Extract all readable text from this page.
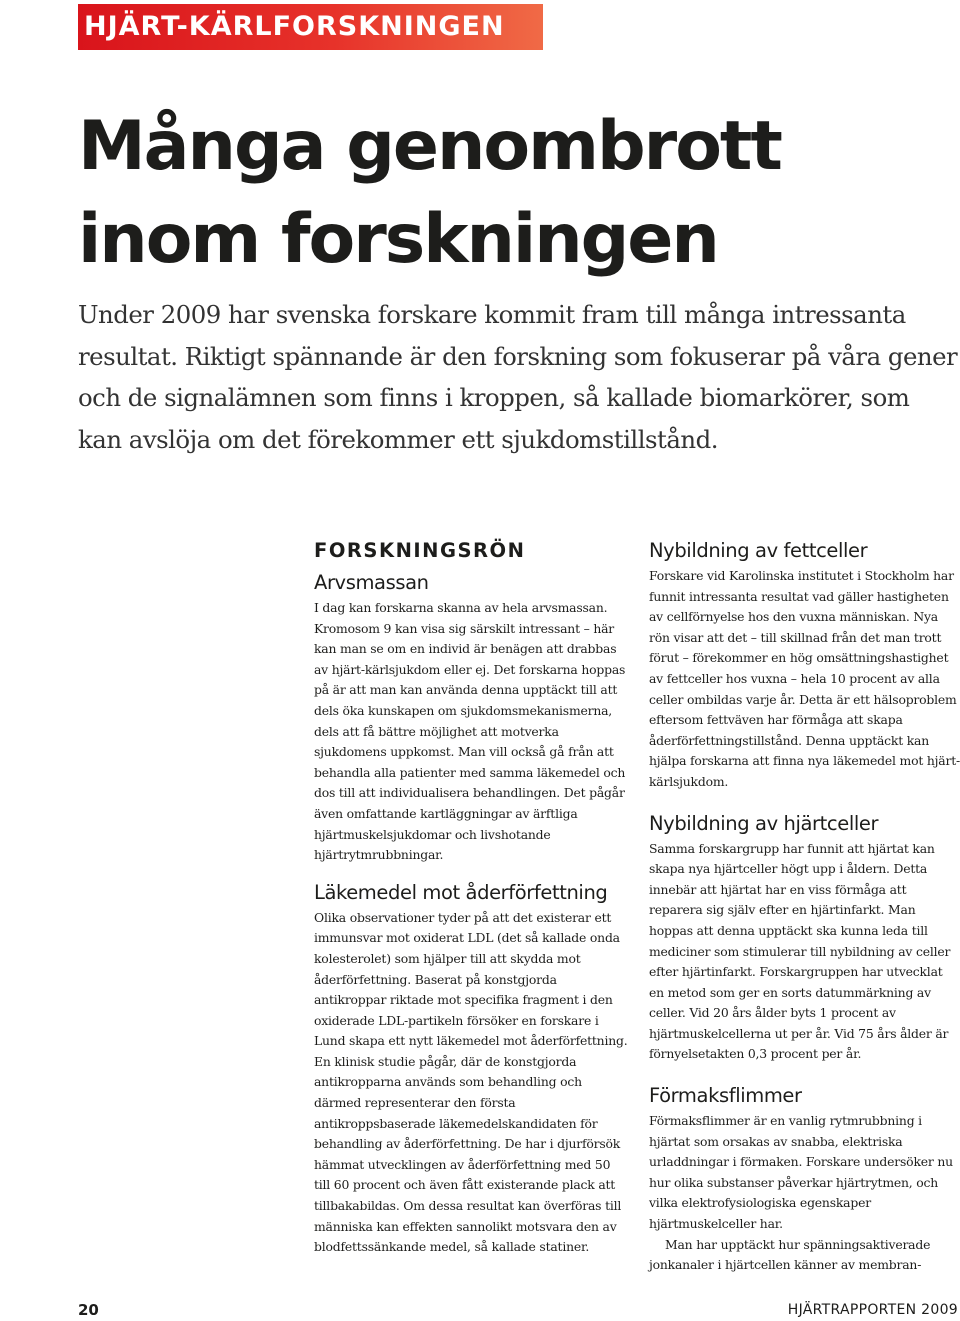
HJÄRT-KÄRLFORSKNINGEN
Många genombrott
inom forskningen

Under 2009 har svenska forskare kommit fram till många intressanta resultat. Riktigt spännande är den forskning som fokuserar på våra gener och de signalämnen som finns i kroppen, så kallade biomarkörer, som kan avslöja om det förekommer ett sjukdomstillstånd.

FORSKNINGSRÖN
Arvsmassan

I dag kan forskarna skanna av hela arvsmassan. Kromosom 9 kan visa sig särskilt intressant – här kan man se om en individ är benägen att drabbas av hjärt-kärlsjukdom eller ej. Det forskarna hoppas på är att man kan använda denna upptäckt till att dels öka kunskapen om sjukdomsmekanismerna, dels att få bättre möjlighet att motverka sjukdomens uppkomst. Man vill också gå från att behandla alla patienter med samma läkemedel och dos till att individualisera behandlingen. Det pågår även omfattande kartläggningar av ärftliga hjärtmuskelsjukdomar och livshotande hjärtrytmrubbningar.

Läkemedel mot åderförfettning

Olika observationer tyder på att det existerar ett immunsvar mot oxiderat LDL (det så kallade onda kolesterolet) som hjälper till att skydda mot åderförfettning. Baserat på konstgjorda antikroppar riktade mot specifika fragment i den oxiderade LDL-partikeln försöker en forskare i Lund skapa ett nytt läkemedel mot åderförfettning. En klinisk studie pågår, där de konstgjorda antikropparna används som behandling och därmed representerar den första antikroppsbaserade läkemedelskandidaten för behandling av åderförfettning. De har i djurförsök hämmat utvecklingen av åderförfettning med 50 till 60 procent och även fått existerande plack att tillbakabildas. Om dessa resultat kan överföras till människa kan effekten sannolikt motsvara den av blodfettssänkande medel, så kallade statiner.

Nybildning av fettceller

Forskare vid Karolinska institutet i Stockholm har funnit intressanta resultat vad gäller hastigheten av cellförnyelse hos den vuxna människan. Nya rön visar att det – till skillnad från det man trott förut – förekommer en hög omsättningshastighet av fettceller hos vuxna – hela 10 procent av alla celler ombildas varje år. Detta är ett hälsoproblem eftersom fettväven har förmåga att skapa åderförfettningstillstånd. Denna upptäckt kan hjälpa forskarna att finna nya läkemedel mot hjärt-kärlsjukdom.

Nybildning av hjärtceller

Samma forskargrupp har funnit att hjärtat kan skapa nya hjärtceller högt upp i åldern. Detta innebär att hjärtat har en viss förmåga att reparera sig själv efter en hjärtinfarkt. Man hoppas att denna upptäckt ska kunna leda till mediciner som stimulerar till nybildning av celler efter hjärtinfarkt. Forskargruppen har utvecklat en metod som ger en sorts datummärkning av celler. Vid 20 års ålder byts 1 procent av hjärtmuskelcellerna ut per år. Vid 75 års ålder är förnyelsetakten 0,3 procent per år.

Förmaksflimmer

Förmaksflimmer är en vanlig rytmrubbning i hjärtat som orsakas av snabba, elektriska urladdningar i förmaken. Forskare undersöker nu hur olika substanser påverkar hjärtrytmen, och vilka elektrofysiologiska egenskaper hjärtmuskelceller har.

Man har upptäckt hur spänningsaktiverade jonkanaler i hjärtcellen känner av membran-

20	HJÄRTRAPPORTEN 2009
